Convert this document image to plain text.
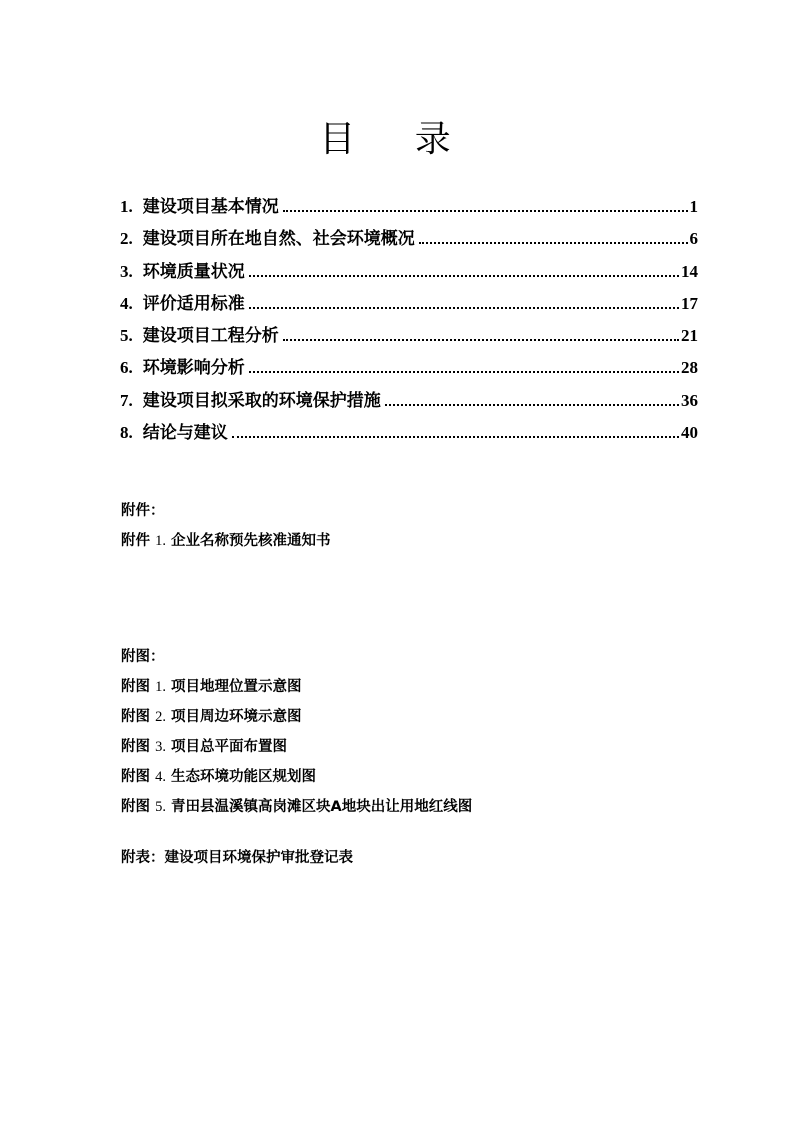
目 录
1. 建设项目基本情况	1
2. 建设项目所在地自然、社会环境概况	6
3. 环境质量状况	14
4. 评价适用标准	17
5. 建设项目工程分析	21
6. 环境影响分析	28
7. 建设项目拟采取的环境保护措施	36
8. 结论与建议	40
附件：
附件 1. 企业名称预先核准通知书
附图：
附图 1. 项目地理位置示意图
附图 2. 项目周边环境示意图
附图 3. 项目总平面布置图
附图 4. 生态环境功能区规划图
附图 5. 青田县温溪镇高岗滩区块A地块出让用地红线图
附表：建设项目环境保护审批登记表
